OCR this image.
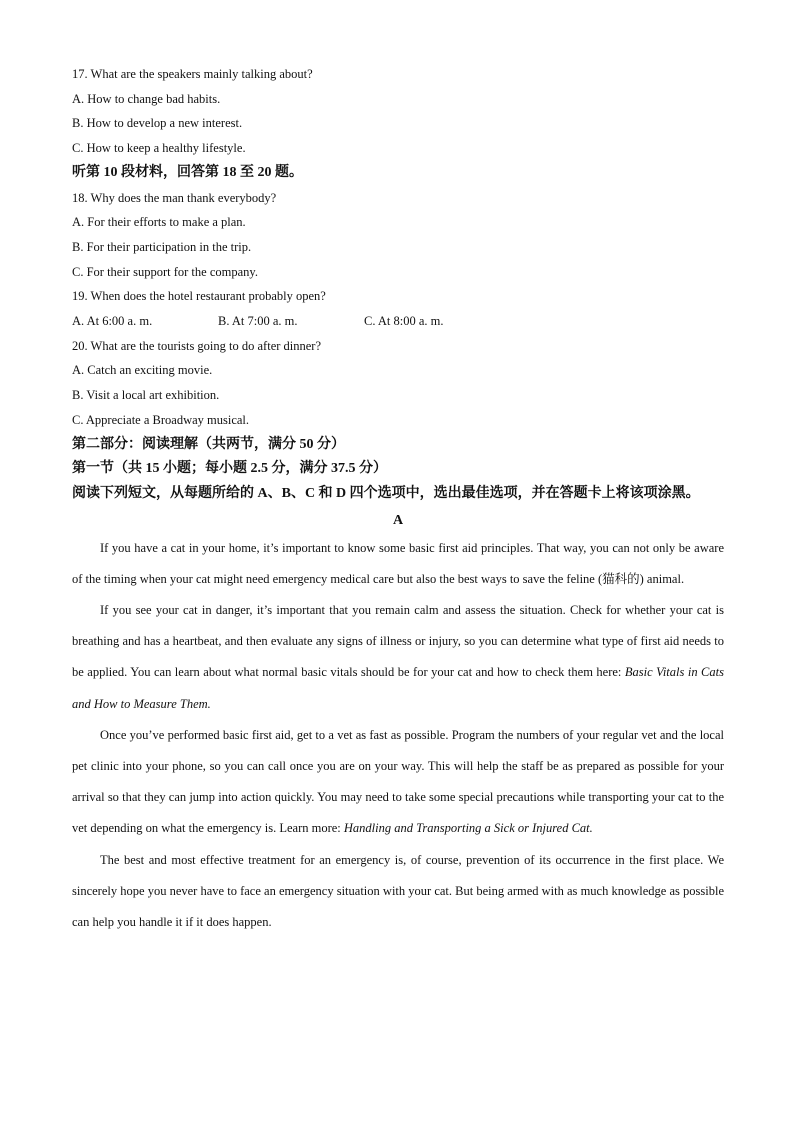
17. What are the speakers mainly talking about?
A. How to change bad habits.
B. How to develop a new interest.
C. How to keep a healthy lifestyle.
听第 10 段材料，回答第 18 至 20 题。
18. Why does the man thank everybody?
A. For their efforts to make a plan.
B. For their participation in the trip.
C. For their support for the company.
19. When does the hotel restaurant probably open?
A. At 6:00 a. m.	B. At 7:00 a. m.	C. At 8:00 a. m.
20. What are the tourists going to do after dinner?
A. Catch an exciting movie.
B. Visit a local art exhibition.
C. Appreciate a Broadway musical.
第二部分：阅读理解（共两节，满分 50 分）
第一节（共 15 小题；每小题 2.5 分，满分 37.5 分）
阅读下列短文，从每题所给的 A、B、C 和 D 四个选项中，选出最佳选项，并在答题卡上将该项涂黑。
A

If you have a cat in your home, it’s important to know some basic first aid principles. That way, you can not only be aware of the timing when your cat might need emergency medical care but also the best ways to save the feline (猫科的) animal.

If you see your cat in danger, it’s important that you remain calm and assess the situation. Check for whether your cat is breathing and has a heartbeat, and then evaluate any signs of illness or injury, so you can determine what type of first aid needs to be applied. You can learn about what normal basic vitals should be for your cat and how to check them here: Basic Vitals in Cats and How to Measure Them.

Once you’ve performed basic first aid, get to a vet as fast as possible. Program the numbers of your regular vet and the local pet clinic into your phone, so you can call once you are on your way. This will help the staff be as prepared as possible for your arrival so that they can jump into action quickly. You may need to take some special precautions while transporting your cat to the vet depending on what the emergency is. Learn more: Handling and Transporting a Sick or Injured Cat.

The best and most effective treatment for an emergency is, of course, prevention of its occurrence in the first place. We sincerely hope you never have to face an emergency situation with your cat. But being armed with as much knowledge as possible can help you handle it if it does happen.
